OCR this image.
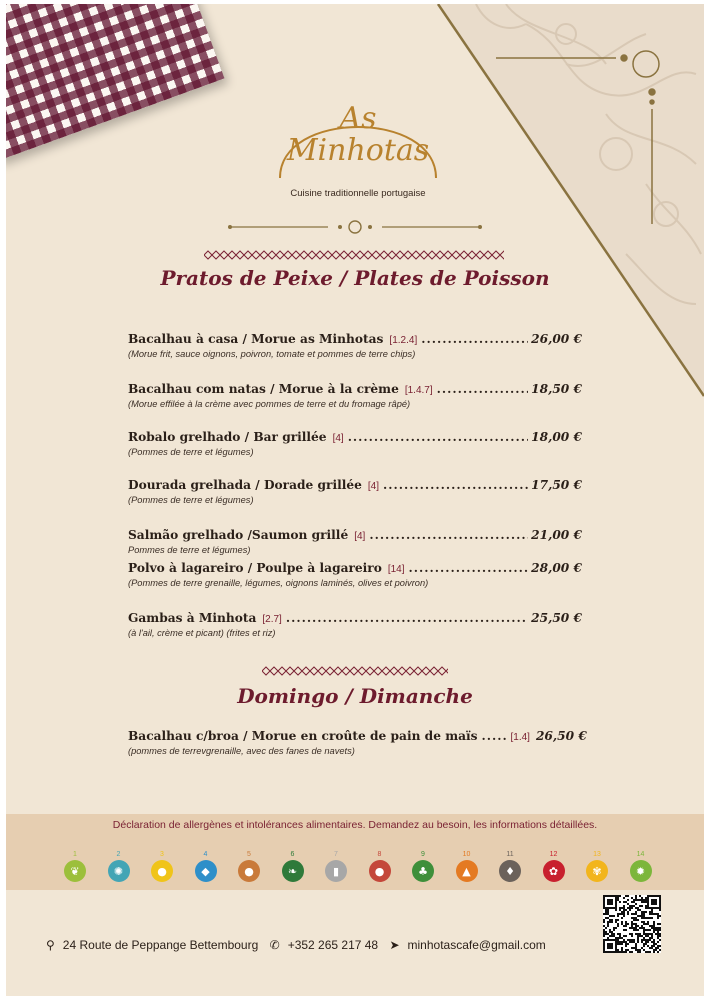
As
Minhotas
Cuisine traditionnelle portugaise
Pratos de Peixe / Plates de Poisson
Bacalhau à casa / Morue as Minhotas [1.2.4] .....	26,00 €
(Morue frit, sauce oignons, poivron, tomate et pommes de terre chips)
Bacalhau com natas / Morue à la crème [1.4.7] .....	18,50 €
(Morue effilée à la crème avec pommes de terre et du fromage râpé)
Robalo grelhado / Bar grillée [4] .....	18,00 €
(Pommes de terre et légumes)
Dourada grelhada / Dorade grillée [4] .....	17,50 €
(Pommes de terre et légumes)
Salmão grelhado /Saumon grillé [4] .....	21,00 €
Pommes de terre et légumes)
Polvo à lagareiro / Poulpe à lagareiro [14] .....	28,00 €
(Pommes de terre grenaille, légumes, oignons laminés, olives et poivron)
Gambas à Minhota [2.7] .....	25,50 €
(à l'ail, crème et picant) (frites et riz)
Domingo / Dimanche
Bacalhau c/broa / Morue en croûte de pain de maïs .....	[1.4] 26,50 €
(pommes de terrevgrenaille, avec des fanes de navets)
Déclaration de allergènes et intolérances alimentaires. Demandez au besoin, les informations détaillées.
1
❦
2
✺
3
●
4
◆
5
●
6
❧
7
▮
8
●
9
♣
10
▲
11
♦
12
✿
13
✾
14
✹
⚲ 24 Route de Peppange Bettembourg ✆ +352 265 217 48 ➤ minhotascafe@gmail.com
